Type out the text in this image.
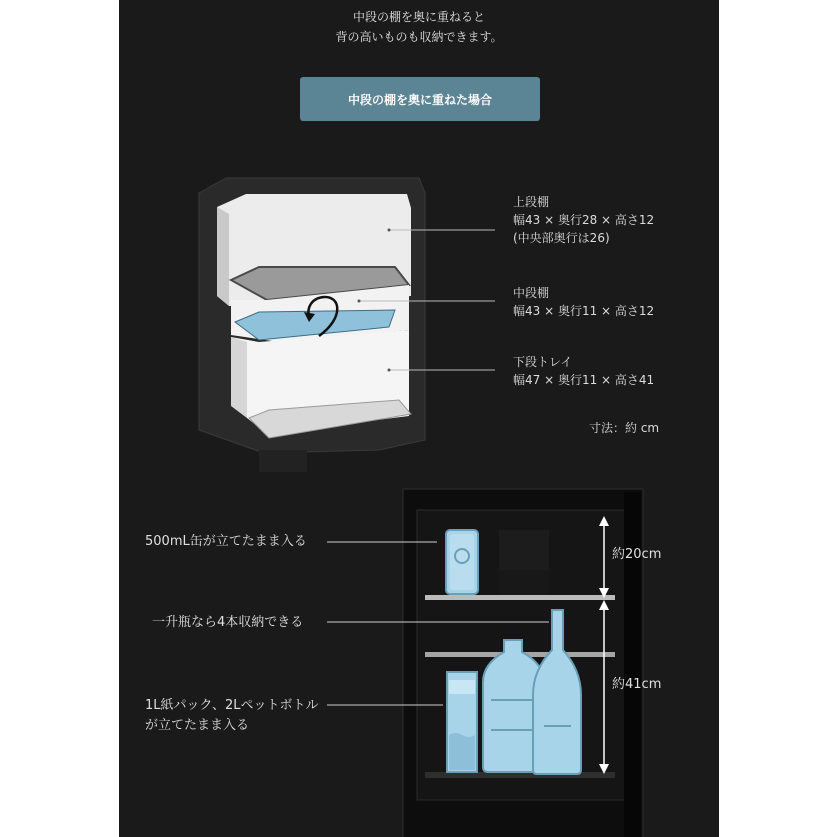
中段の棚を奥に重ねると
背の高いものも収納できます。
中段の棚を奥に重ねた場合
上段棚
幅43 × 奥行28 × 高さ12
(中央部奥行は26)
中段棚
幅43 × 奥行11 × 高さ12
下段トレイ
幅47 × 奥行11 × 高さ41
寸法：約 cm
500mL缶が立てたまま入る
一升瓶なら4本収納できる
1L紙パック、2Lペットボトル
が立てたまま入る
約20cm
約41cm
